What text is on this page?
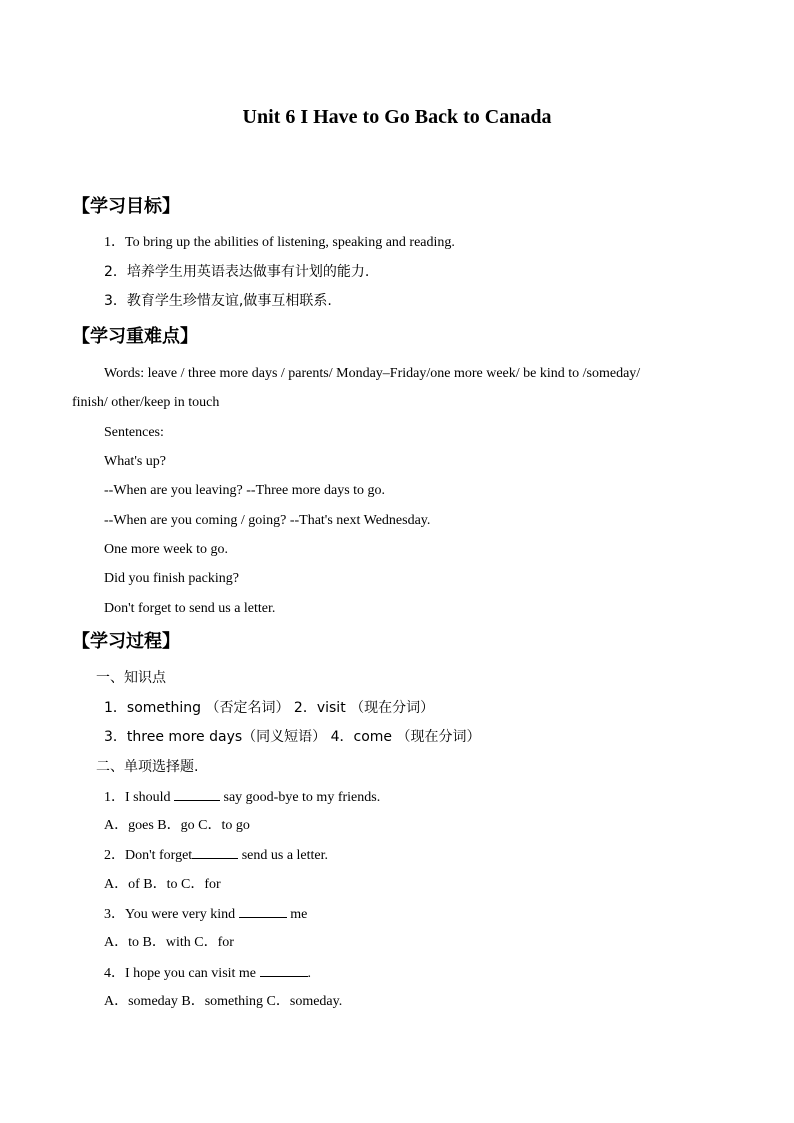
Unit 6 I Have to Go Back to Canada
【学习目标】
1．To bring up the abilities of listening, speaking and reading.
2．培养学生用英语表达做事有计划的能力.
3．教育学生珍惜友谊,做事互相联系.
【学习重难点】
Words: leave / three more days / parents/ Monday–Friday/one more week/ be kind to /someday/
finish/ other/keep in touch
Sentences:
What's up?
--When are you leaving? --Three more days to go.
--When are you coming / going? --That's next Wednesday.
One more week to go.
Did you finish packing?
Don't forget to send us a letter.
【学习过程】
一、知识点
1．something （否定名词） 2．visit （现在分词）
3．three more days（同义短语） 4．come （现在分词）
二、单项选择题.
1．I should	say good-bye to my friends.
A．goes B．go C．to go
2．Don't forget	send us a letter.
A．of B．to C．for
3．You were very kind	me
A．to B．with C．for
4．I hope you can visit me	.
A．someday B．something C．someday.
